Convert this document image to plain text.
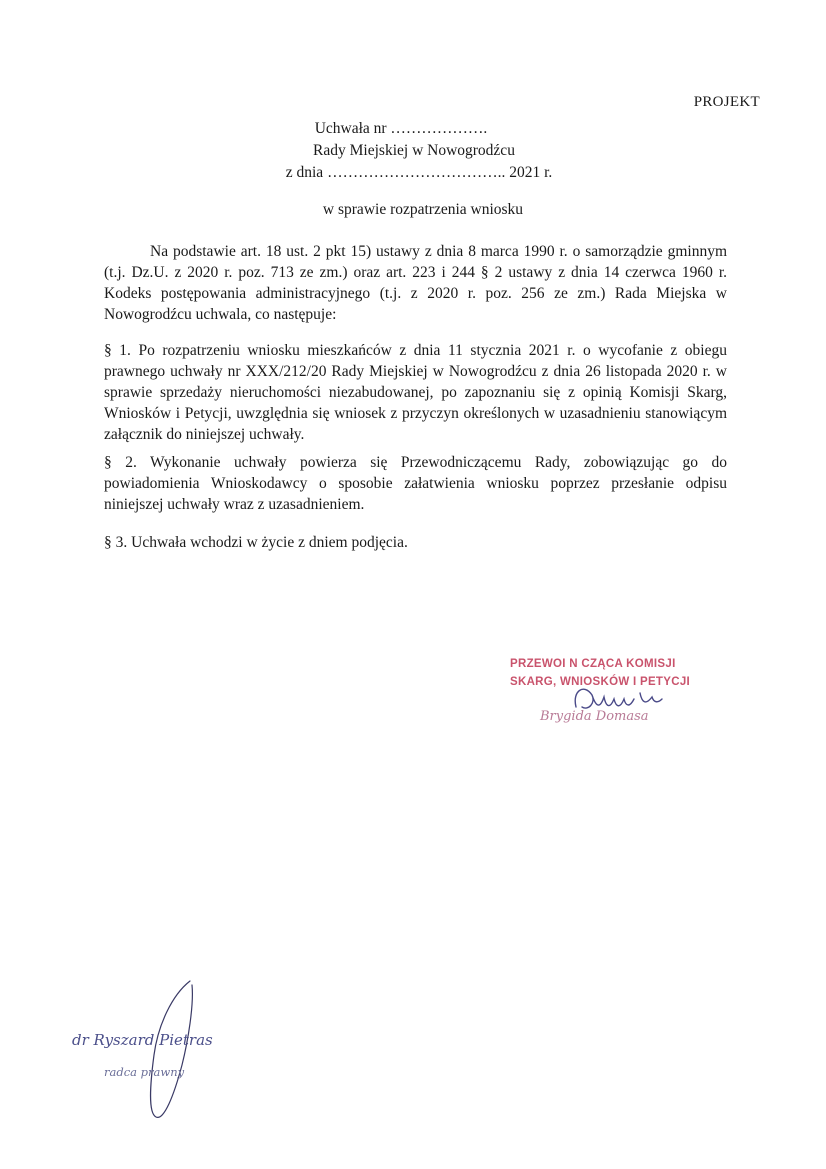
PROJEKT
Uchwała nr ……………….
Rady Miejskiej w Nowogrodźcu
z dnia …………………………….. 2021 r.
w sprawie rozpatrzenia wniosku
Na podstawie art. 18 ust. 2 pkt 15) ustawy z dnia 8 marca 1990 r. o samorządzie gminnym (t.j. Dz.U. z 2020 r. poz. 713 ze zm.) oraz art. 223 i 244 § 2 ustawy z dnia 14 czerwca 1960 r. Kodeks postępowania administracyjnego (t.j. z 2020 r. poz. 256 ze zm.) Rada Miejska w Nowogrodźcu uchwala, co następuje:
§ 1. Po rozpatrzeniu wniosku mieszkańców z dnia 11 stycznia 2021 r. o wycofanie z obiegu prawnego uchwały nr XXX/212/20 Rady Miejskiej w Nowogrodźcu z dnia 26 listopada 2020 r. w sprawie sprzedaży nieruchomości niezabudowanej, po zapoznaniu się z opinią Komisji Skarg, Wniosków i Petycji, uwzględnia się wniosek z przyczyn określonych w uzasadnieniu stanowiącym załącznik do niniejszej uchwały.
§ 2. Wykonanie uchwały powierza się Przewodniczącemu Rady, zobowiązując go do powiadomienia Wnioskodawcy o sposobie załatwienia wniosku poprzez przesłanie odpisu niniejszej uchwały wraz z uzasadnieniem.
§ 3. Uchwała wchodzi w życie z dniem podjęcia.
PRZEWOI N CZĄCA KOMISJI
SKARG, WNIOSKÓW I PETYCJI
Brygida Domasa
dr Ryszard Pietras
radca prawny
